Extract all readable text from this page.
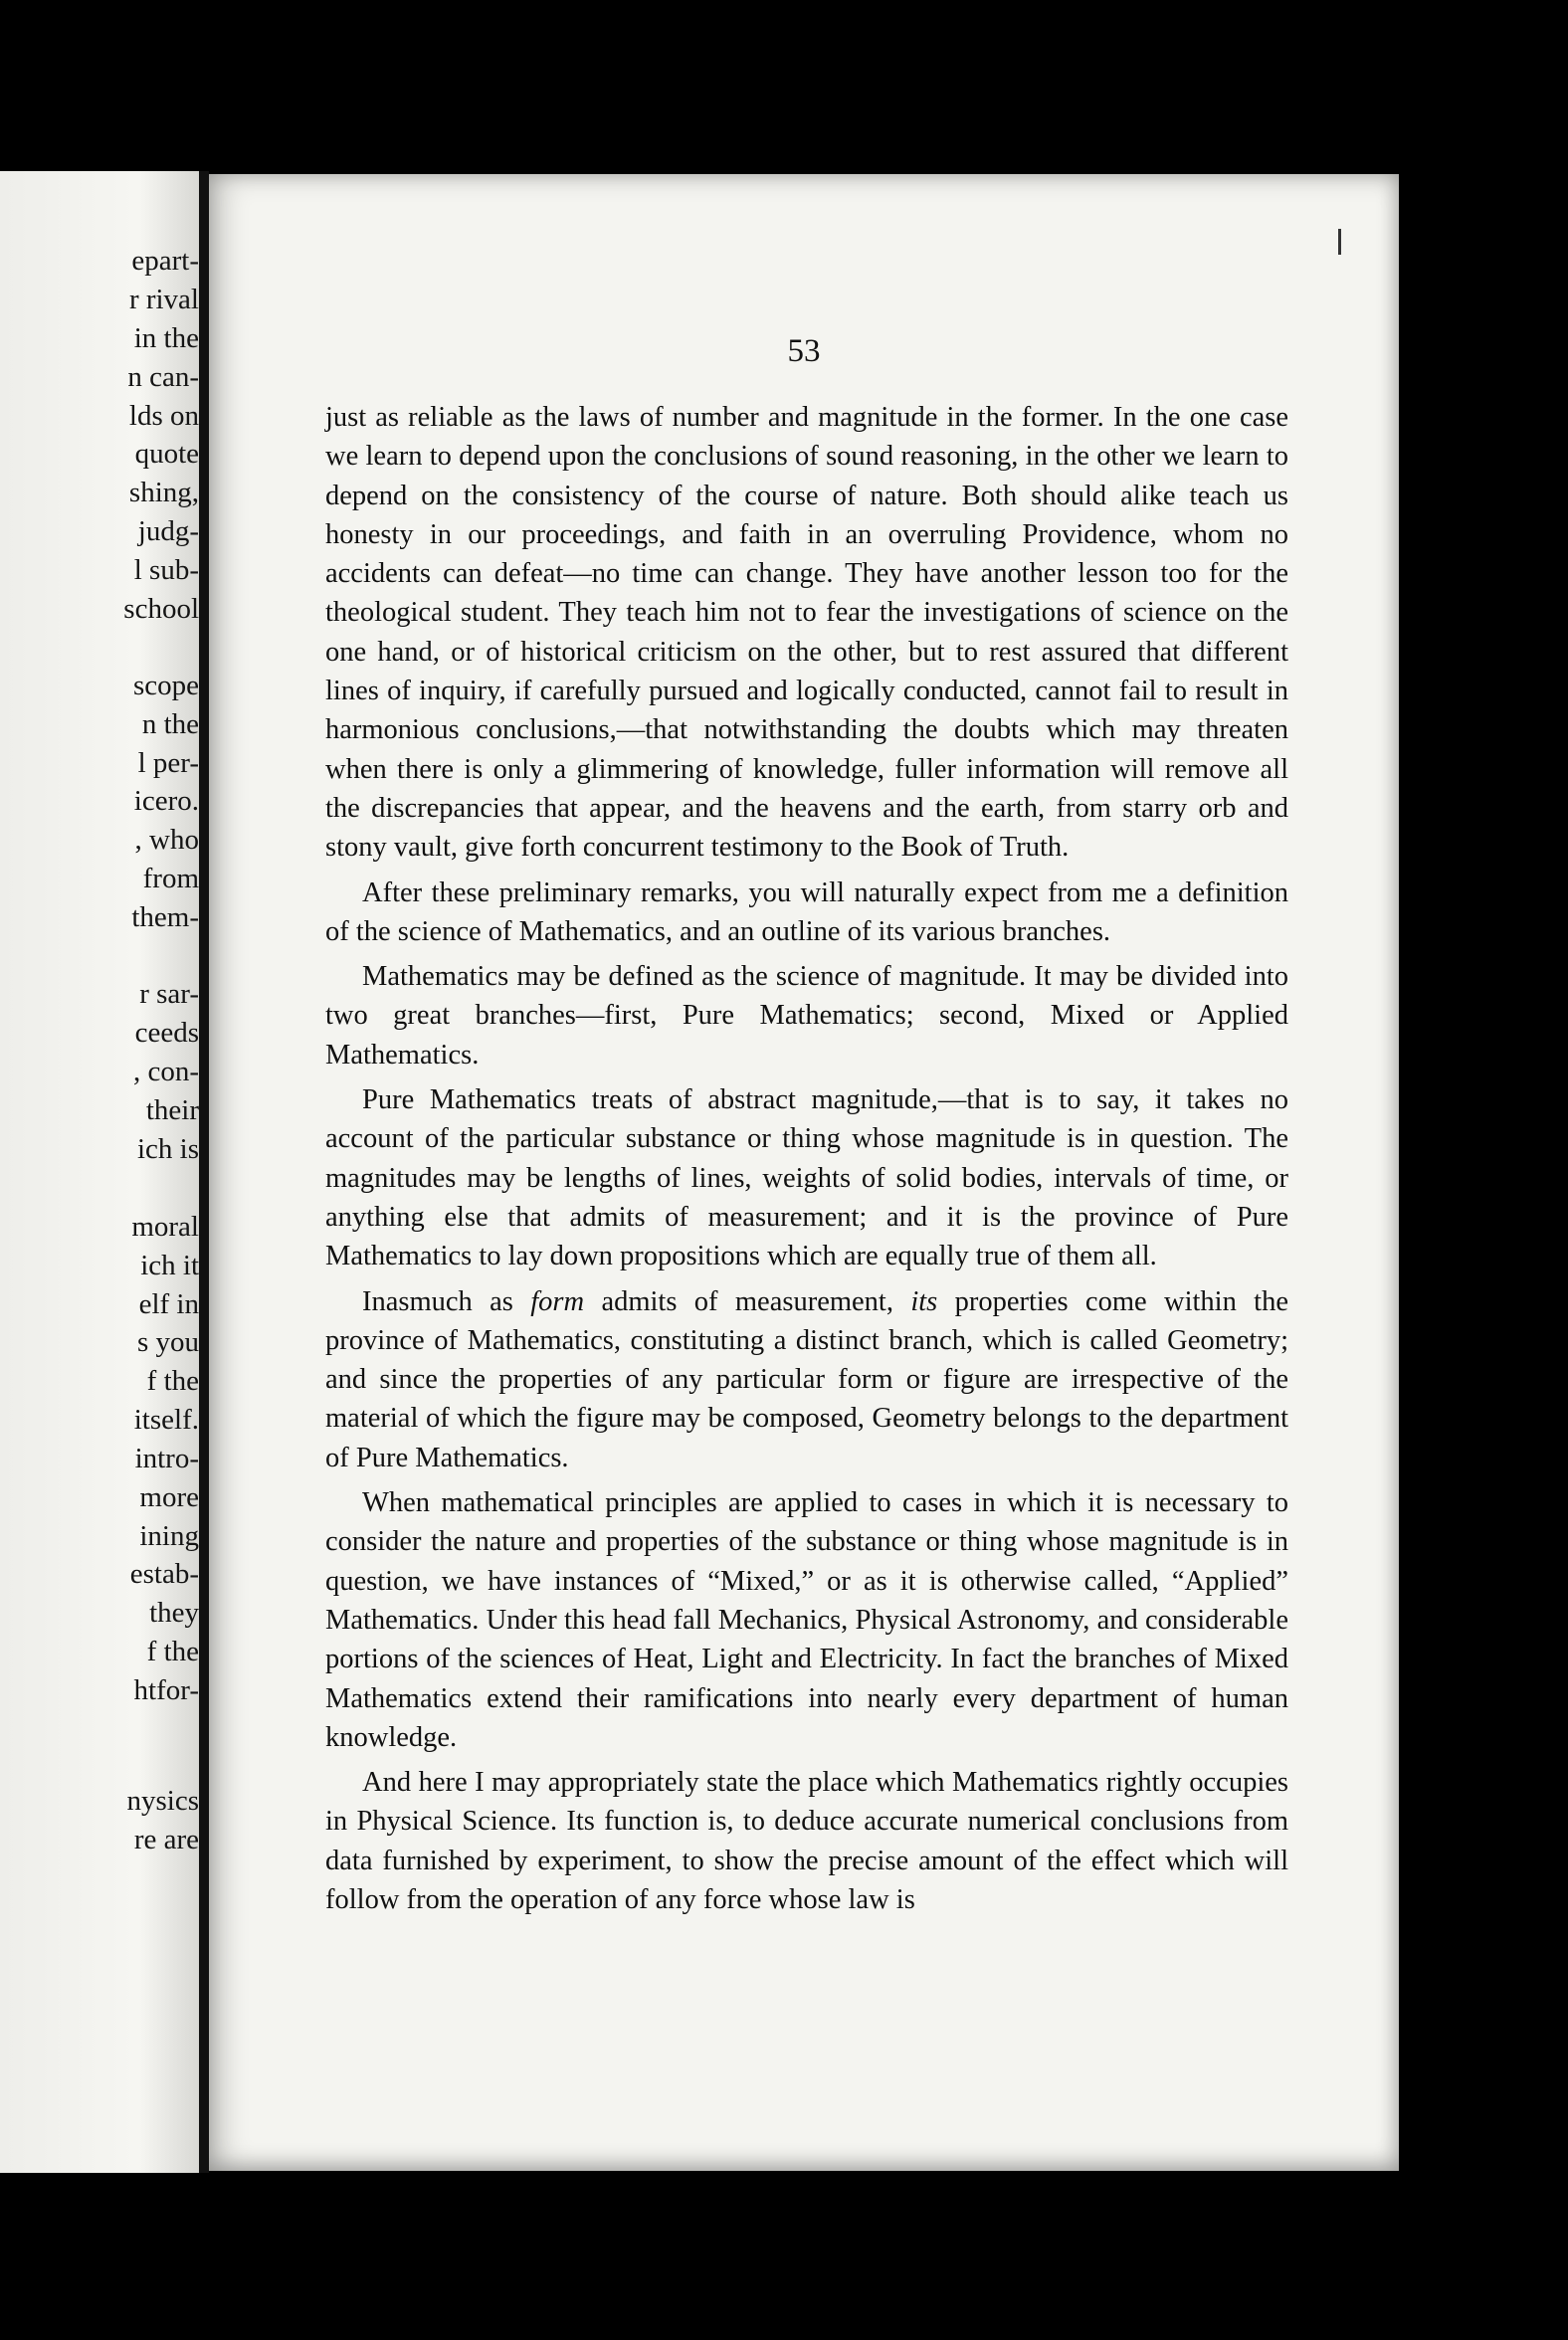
epart-
r rival
in the
n can-
lds on
quote
shing,
judg-
l sub-
school
scope
n the
l per-
icero.
, who
from
them-
r sar-
ceeds
, con-
their
ich is
moral
ich it
elf in
s you
f the
itself.
intro-
more
ining
estab-
they
f the
htfor-
nysics
re are
53

just as reliable as the laws of number and magnitude in the former. In the one case we learn to depend upon the conclusions of sound reasoning, in the other we learn to depend on the consistency of the course of nature. Both should alike teach us honesty in our proceedings, and faith in an overruling Providence, whom no accidents can defeat—no time can change. They have another lesson too for the theological student. They teach him not to fear the investigations of science on the one hand, or of historical criticism on the other, but to rest assured that different lines of inquiry, if carefully pursued and logically conducted, cannot fail to result in harmonious conclusions,—that notwithstanding the doubts which may threaten when there is only a glimmering of knowledge, fuller information will remove all the discrepancies that appear, and the heavens and the earth, from starry orb and stony vault, give forth concurrent testimony to the Book of Truth.

After these preliminary remarks, you will naturally expect from me a definition of the science of Mathematics, and an outline of its various branches.

Mathematics may be defined as the science of magnitude. It may be divided into two great branches—first, Pure Mathematics; second, Mixed or Applied Mathematics.

Pure Mathematics treats of abstract magnitude,—that is to say, it takes no account of the particular substance or thing whose magnitude is in question. The magnitudes may be lengths of lines, weights of solid bodies, intervals of time, or anything else that admits of measurement; and it is the province of Pure Mathematics to lay down propositions which are equally true of them all.

Inasmuch as form admits of measurement, its properties come within the province of Mathematics, constituting a distinct branch, which is called Geometry; and since the properties of any particular form or figure are irrespective of the material of which the figure may be composed, Geometry belongs to the department of Pure Mathematics.

When mathematical principles are applied to cases in which it is necessary to consider the nature and properties of the substance or thing whose magnitude is in question, we have instances of “Mixed,” or as it is otherwise called, “Applied” Mathematics. Under this head fall Mechanics, Physical Astronomy, and considerable portions of the sciences of Heat, Light and Electricity. In fact the branches of Mixed Mathematics extend their ramifications into nearly every department of human knowledge.

And here I may appropriately state the place which Mathematics rightly occupies in Physical Science. Its function is, to deduce accurate numerical conclusions from data furnished by experiment, to show the precise amount of the effect which will follow from the operation of any force whose law is
